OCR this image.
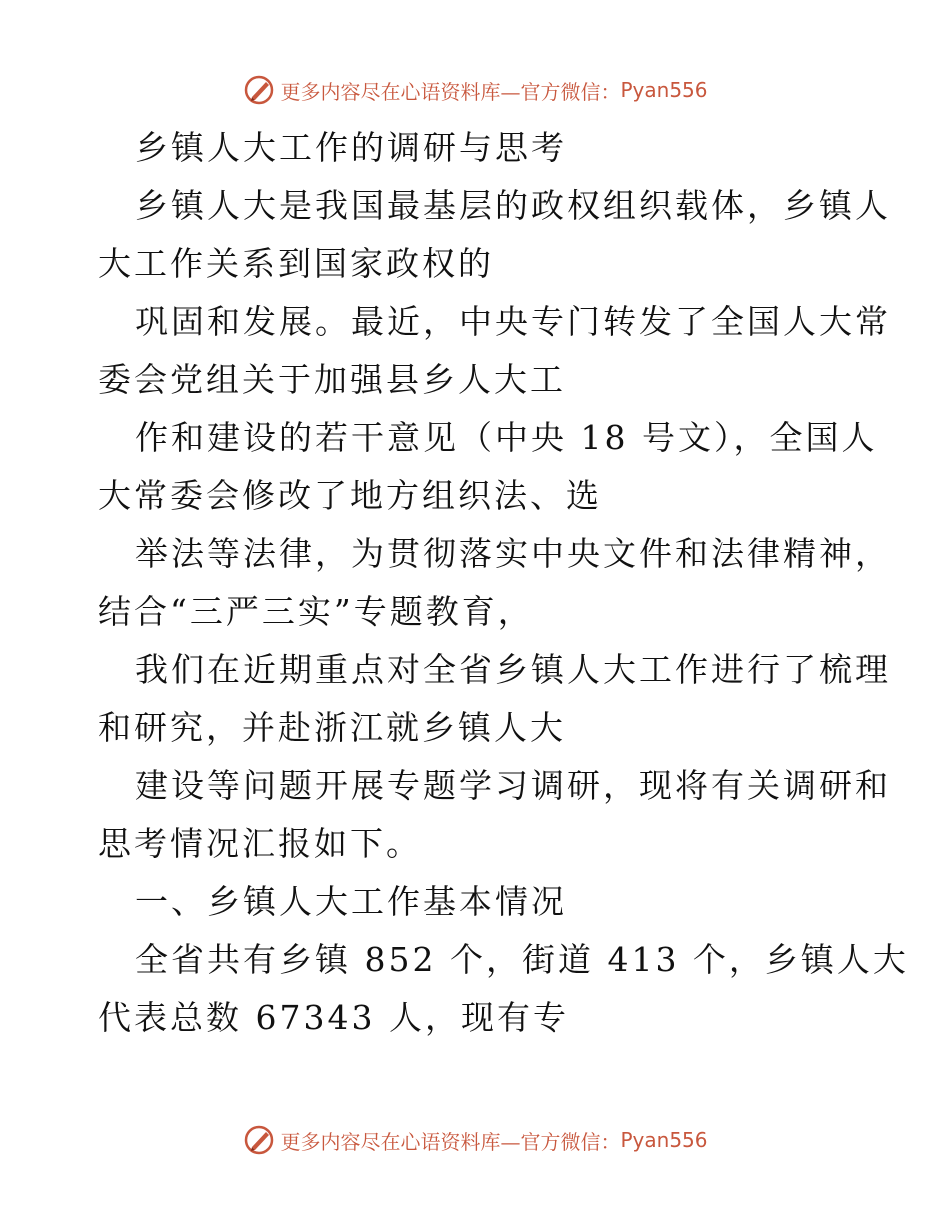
更多内容尽在心语资料库—官方微信： Pyan556
乡镇人大工作的调研与思考
乡镇人大是我国最基层的政权组织载体，乡镇人
大工作关系到国家政权的
巩固和发展。最近，中央专门转发了全国人大常
委会党组关于加强县乡人大工
作和建设的若干意见（中央 18 号文），全国人
大常委会修改了地方组织法、选
举法等法律，为贯彻落实中央文件和法律精神，
结合“三严三实”专题教育，
我们在近期重点对全省乡镇人大工作进行了梳理
和研究，并赴浙江就乡镇人大
建设等问题开展专题学习调研，现将有关调研和
思考情况汇报如下。
一、乡镇人大工作基本情况
全省共有乡镇 852 个，街道 413 个，乡镇人大
代表总数 67343 人，现有专
更多内容尽在心语资料库—官方微信： Pyan556
